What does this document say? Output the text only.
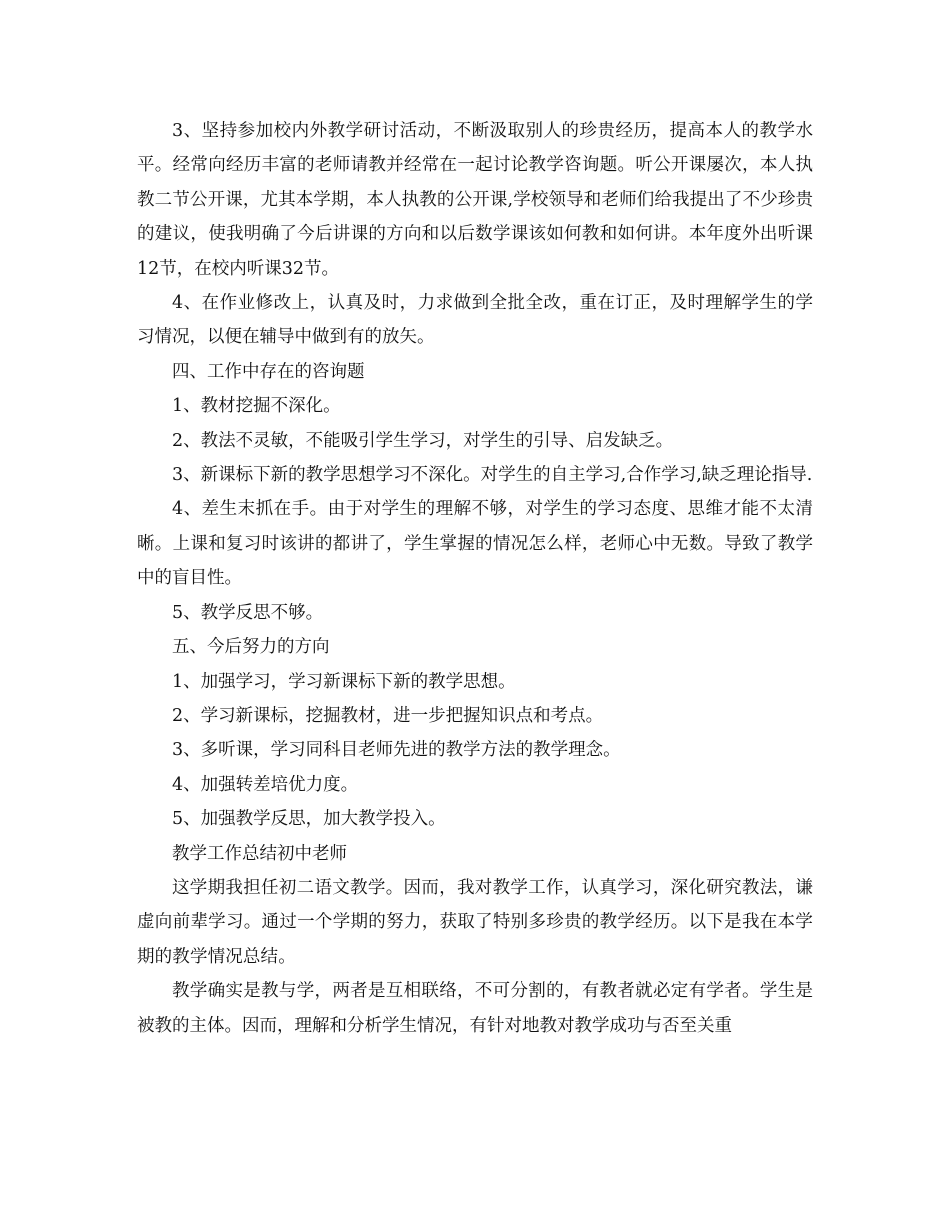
3、坚持参加校内外教学研讨活动，不断汲取别人的珍贵经历，提高本人的教学水平。经常向经历丰富的老师请教并经常在一起讨论教学咨询题。听公开课屡次，本人执教二节公开课，尤其本学期，本人执教的公开课,学校领导和老师们给我提出了不少珍贵的建议，使我明确了今后讲课的方向和以后数学课该如何教和如何讲。本年度外出听课12节，在校内听课32节。

4、在作业修改上，认真及时，力求做到全批全改，重在订正，及时理解学生的学习情况，以便在辅导中做到有的放矢。

四、工作中存在的咨询题

1、教材挖掘不深化。

2、教法不灵敏，不能吸引学生学习，对学生的引导、启发缺乏。

3、新课标下新的教学思想学习不深化。对学生的自主学习,合作学习,缺乏理论指导.

4、差生末抓在手。由于对学生的理解不够，对学生的学习态度、思维才能不太清晰。上课和复习时该讲的都讲了，学生掌握的情况怎么样，老师心中无数。导致了教学中的盲目性。

5、教学反思不够。

五、今后努力的方向

1、加强学习，学习新课标下新的教学思想。

2、学习新课标，挖掘教材，进一步把握知识点和考点。

3、多听课，学习同科目老师先进的教学方法的教学理念。

4、加强转差培优力度。

5、加强教学反思，加大教学投入。

教学工作总结初中老师

这学期我担任初二语文教学。因而，我对教学工作，认真学习，深化研究教法，谦虚向前辈学习。通过一个学期的努力，获取了特别多珍贵的教学经历。以下是我在本学期的教学情况总结。

教学确实是教与学，两者是互相联络，不可分割的，有教者就必定有学者。学生是被教的主体。因而，理解和分析学生情况，有针对地教对教学成功与否至关重
